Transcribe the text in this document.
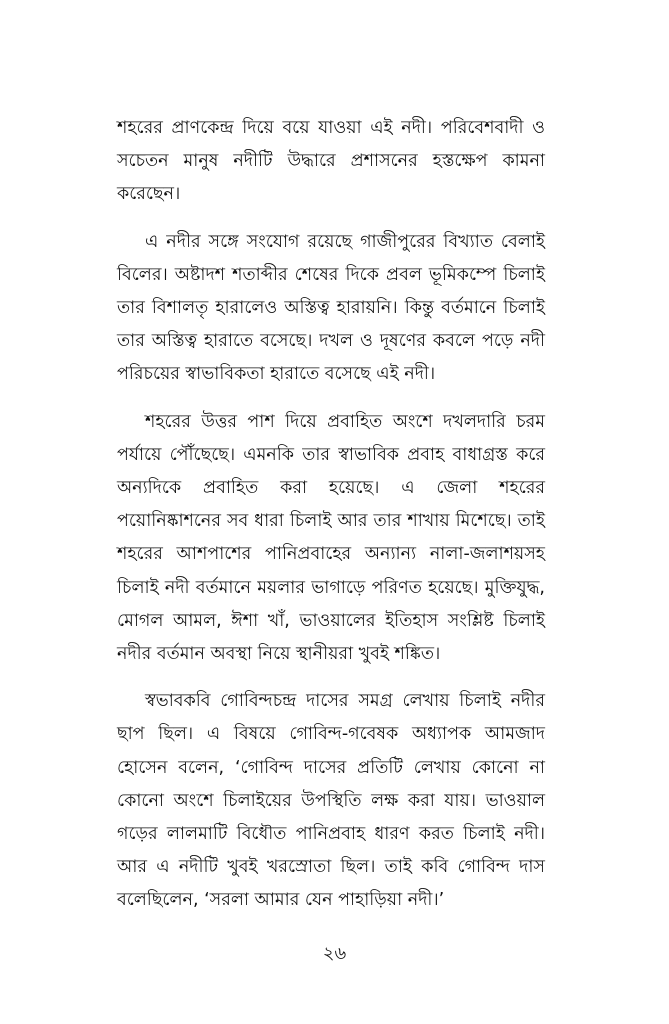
শহরের প্রাণকেন্দ্র দিয়ে বয়ে যাওয়া এই নদী। পরিবেশবাদী ও সচেতন মানুষ নদীটি উদ্ধারে প্রশাসনের হস্তক্ষেপ কামনা করেছেন।

এ নদীর সঙ্গে সংযোগ রয়েছে গাজীপুরের বিখ্যাত বেলাই বিলের। অষ্টাদশ শতাব্দীর শেষের দিকে প্রবল ভূমিকম্পে চিলাই তার বিশালতৃ হারালেও অস্তিত্ব হারায়নি। কিন্তু বর্তমানে চিলাই তার অস্তিত্ব হারাতে বসেছে। দখল ও দূষণের কবলে পড়ে নদী পরিচয়ের স্বাভাবিকতা হারাতে বসেছে এই নদী।

শহরের উত্তর পাশ দিয়ে প্রবাহিত অংশে দখলদারি চরম পর্যায়ে পৌঁছেছে। এমনকি তার স্বাভাবিক প্রবাহ বাধাগ্রস্ত করে অন্যদিকে প্রবাহিত করা হয়েছে। এ জেলা শহরের পয়োনিষ্কাশনের সব ধারা চিলাই আর তার শাখায় মিশেছে। তাই শহরের আশপাশের পানিপ্রবাহের অন্যান্য নালা-জলাশয়সহ চিলাই নদী বর্তমানে ময়লার ভাগাড়ে পরিণত হয়েছে। মুক্তিযুদ্ধ, মোগল আমল, ঈশা খাঁ, ভাওয়ালের ইতিহাস সংশ্লিষ্ট চিলাই নদীর বর্তমান অবস্থা নিয়ে স্থানীয়রা খুবই শঙ্কিত।

স্বভাবকবি গোবিন্দচন্দ্র দাসের সমগ্র লেখায় চিলাই নদীর ছাপ ছিল। এ বিষয়ে গোবিন্দ-গবেষক অধ্যাপক আমজাদ হোসেন বলেন, ‘গোবিন্দ দাসের প্রতিটি লেখায় কোনো না কোনো অংশে চিলাইয়ের উপস্থিতি লক্ষ করা যায়। ভাওয়াল গড়ের লালমাটি বিধৌত পানিপ্রবাহ ধারণ করত চিলাই নদী। আর এ নদীটি খুবই খরস্রোতা ছিল। তাই কবি গোবিন্দ দাস বলেছিলেন, ‘সরলা আমার যেন পাহাড়িয়া নদী।’

২৬
